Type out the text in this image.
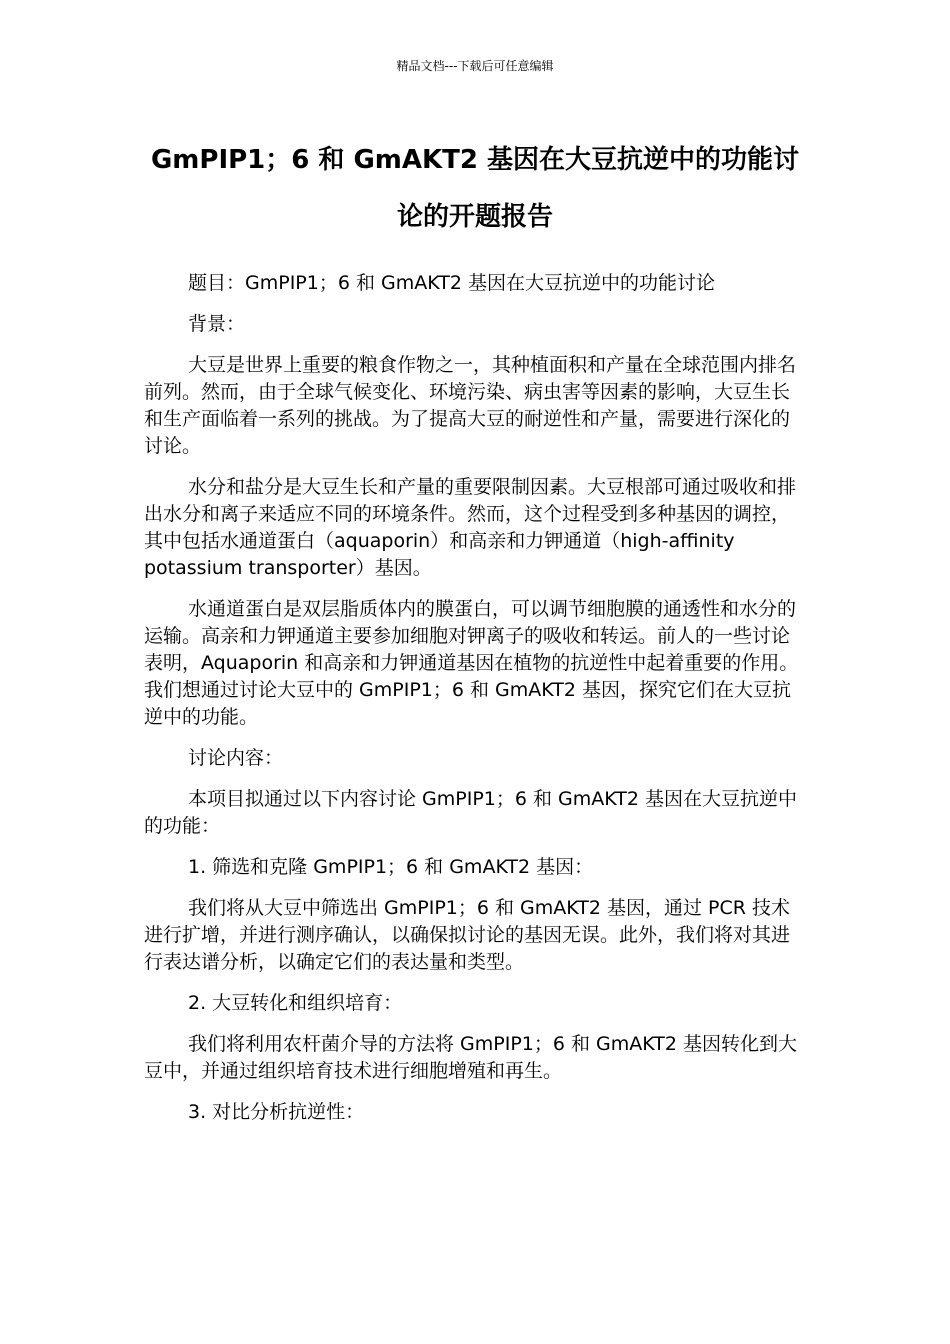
精品文档---下载后可任意编辑
GmPIP1；6 和 GmAKT2 基因在大豆抗逆中的功能讨论的开题报告

题目：GmPIP1；6 和 GmAKT2 基因在大豆抗逆中的功能讨论

背景：

大豆是世界上重要的粮食作物之一，其种植面积和产量在全球范围内排名前列。然而，由于全球气候变化、环境污染、病虫害等因素的影响，大豆生长和生产面临着一系列的挑战。为了提高大豆的耐逆性和产量，需要进行深化的讨论。

水分和盐分是大豆生长和产量的重要限制因素。大豆根部可通过吸收和排出水分和离子来适应不同的环境条件。然而，这个过程受到多种基因的调控，其中包括水通道蛋白（aquaporin）和高亲和力钾通道（high-affinity potassium transporter）基因。

水通道蛋白是双层脂质体内的膜蛋白，可以调节细胞膜的通透性和水分的运输。高亲和力钾通道主要参加细胞对钾离子的吸收和转运。前人的一些讨论表明，Aquaporin 和高亲和力钾通道基因在植物的抗逆性中起着重要的作用。我们想通过讨论大豆中的 GmPIP1；6 和 GmAKT2 基因，探究它们在大豆抗逆中的功能。

讨论内容：

本项目拟通过以下内容讨论 GmPIP1；6 和 GmAKT2 基因在大豆抗逆中的功能：

1. 筛选和克隆 GmPIP1；6 和 GmAKT2 基因：

我们将从大豆中筛选出 GmPIP1；6 和 GmAKT2 基因，通过 PCR 技术进行扩增，并进行测序确认，以确保拟讨论的基因无误。此外，我们将对其进行表达谱分析，以确定它们的表达量和类型。

2. 大豆转化和组织培育：

我们将利用农杆菌介导的方法将 GmPIP1；6 和 GmAKT2 基因转化到大豆中，并通过组织培育技术进行细胞增殖和再生。

3. 对比分析抗逆性：
